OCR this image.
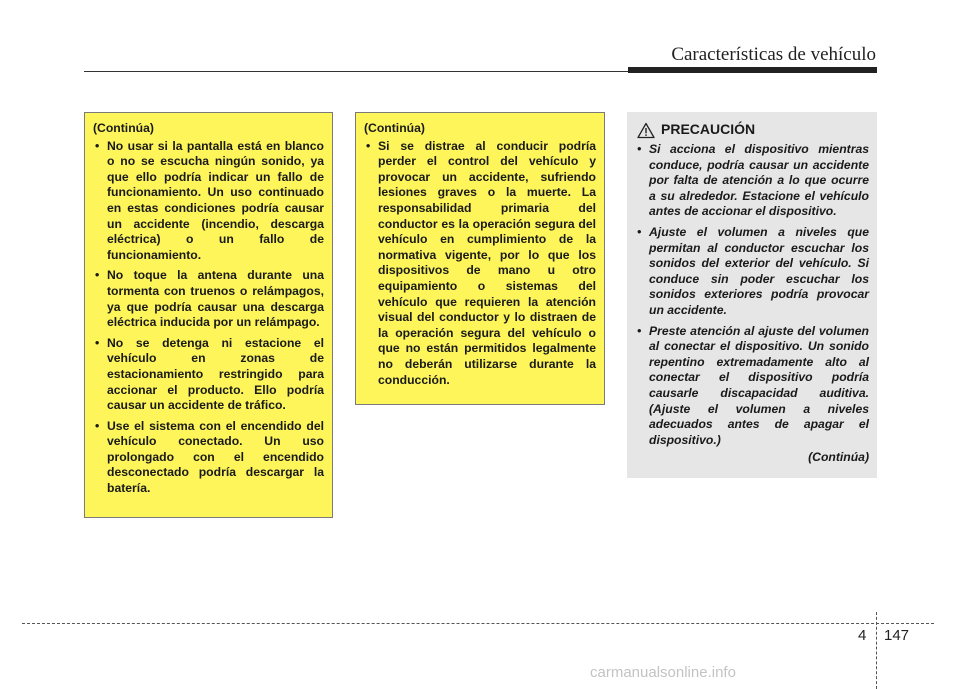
Características de vehículo
(Continúa)
• No usar si la pantalla está en blanco o no se escucha ningún sonido, ya que ello podría indicar un fallo de funcionamiento. Un uso continuado en estas condiciones podría causar un accidente (incendio, descarga eléctrica) o un fallo de funcionamiento.
• No toque la antena durante una tormenta con truenos o relámpagos, ya que podría causar una descarga eléctrica inducida por un relámpago.
• No se detenga ni estacione el vehículo en zonas de estacionamiento restringido para accionar el producto. Ello podría causar un accidente de tráfico.
• Use el sistema con el encendido del vehículo conectado. Un uso prolongado con el encendido desconectado podría descargar la batería.
(Continúa)
• Si se distrae al conducir podría perder el control del vehículo y provocar un accidente, sufriendo lesiones graves o la muerte. La responsabilidad primaria del conductor es la operación segura del vehículo en cumplimiento de la normativa vigente, por lo que los dispositivos de mano u otro equipamiento o sistemas del vehículo que requieren la atención visual del conductor y lo distraen de la operación segura del vehículo o que no están permitidos legalmente no deberán utilizarse durante la conducción.
PRECAUCIÓN
• Si acciona el dispositivo mientras conduce, podría causar un accidente por falta de atención a lo que ocurre a su alrededor. Estacione el vehículo antes de accionar el dispositivo.
• Ajuste el volumen a niveles que permitan al conductor escuchar los sonidos del exterior del vehículo. Si conduce sin poder escuchar los sonidos exteriores podría provocar un accidente.
• Preste atención al ajuste del volumen al conectar el dispositivo. Un sonido repentino extremadamente alto al conectar el dispositivo podría causarle discapacidad auditiva. (Ajuste el volumen a niveles adecuados antes de apagar el dispositivo.)
(Continúa)
4 147
carmanualsonline.info
